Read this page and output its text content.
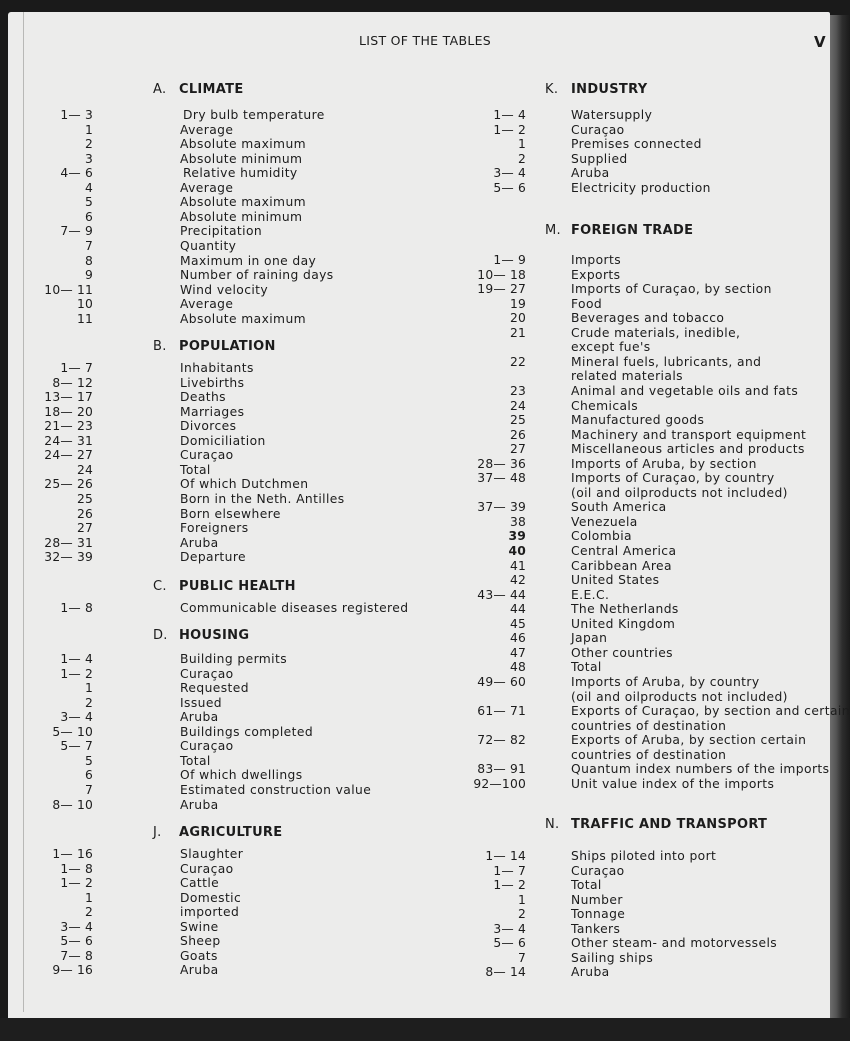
LIST OF THE TABLES	V
A. CLIMATE
1— 3	Dry bulb temperature
1	Average
2	Absolute maximum
3	Absolute minimum
4— 6	Relative humidity
4	Average
5	Absolute maximum
6	Absolute minimum
7— 9	Precipitation
7	Quantity
8	Maximum in one day
9	Number of raining days
10— 11	Wind velocity
10	Average
11	Absolute maximum
B. POPULATION
1— 7	Inhabitants
8— 12	Livebirths
13— 17	Deaths
18— 20	Marriages
21— 23	Divorces
24— 31	Domiciliation
24— 27	Curaçao
24	Total
25— 26	Of which Dutchmen
25	Born in the Neth. Antilles
26	Born elsewhere
27	Foreigners
28— 31	Aruba
32— 39	Departure
C. PUBLIC HEALTH
1— 8	Communicable diseases registered
D. HOUSING
1— 4	Building permits
1— 2	Curaçao
1	Requested
2	Issued
3— 4	Aruba
5— 10	Buildings completed
5— 7	Curaçao
5	Total
6	Of which dwellings
7	Estimated construction value
8— 10	Aruba
J. AGRICULTURE
1— 16	Slaughter
1— 8	Curaçao
1— 2	Cattle
1	Domestic
2	imported
3— 4	Swine
5— 6	Sheep
7— 8	Goats
9— 16	Aruba
K. INDUSTRY
1— 4	Watersupply
1— 2	Curaçao
1	Premises connected
2	Supplied
3— 4	Aruba
5— 6	Electricity production
M. FOREIGN TRADE
1— 9	Imports
10— 18	Exports
19— 27	Imports of Curaçao, by section
19	Food
20	Beverages and tobacco
21	Crude materials, inedible,
except fue's
22	Mineral fuels, lubricants, and
related materials
23	Animal and vegetable oils and fats
24	Chemicals
25	Manufactured goods
26	Machinery and transport equipment
27	Miscellaneous articles and products
28— 36	Imports of Aruba, by section
37— 48	Imports of Curaçao, by country
(oil and oilproducts not included)
37— 39	South America
38	Venezuela
39	Colombia
40	Central America
41	Caribbean Area
42	United States
43— 44	E.E.C.
44	The Netherlands
45	United Kingdom
46	Japan
47	Other countries
48	Total
49— 60	Imports of Aruba, by country
(oil and oilproducts not included)
61— 71	Exports of Curaçao, by section and certain
countries of destination
72— 82	Exports of Aruba, by section certain
countries of destination
83— 91	Quantum index numbers of the imports
92—100	Unit value index of the imports
N. TRAFFIC AND TRANSPORT
1— 14	Ships piloted into port
1— 7	Curaçao
1— 2	Total
1	Number
2	Tonnage
3— 4	Tankers
5— 6	Other steam- and motorvessels
7	Sailing ships
8— 14	Aruba
